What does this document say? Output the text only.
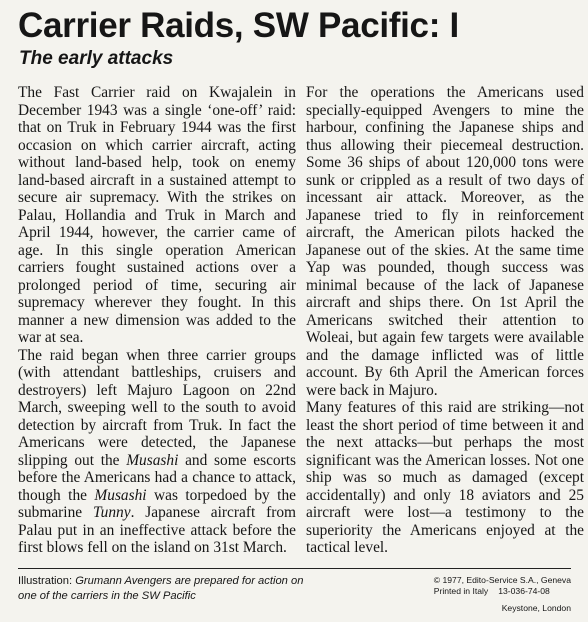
Carrier Raids, SW Pacific: I
The early attacks

The Fast Carrier raid on Kwajalein in December 1943 was a single ‘one-off’ raid: that on Truk in February 1944 was the first occasion on which carrier aircraft, acting without land-based help, took on enemy land-based aircraft in a sustained attempt to secure air supremacy. With the strikes on Palau, Hollandia and Truk in March and April 1944, however, the carrier came of age. In this single operation American carriers fought sustained actions over a prolonged period of time, securing air supremacy wherever they fought. In this manner a new dimension was added to the war at sea.

The raid began when three carrier groups (with attendant battleships, cruisers and destroyers) left Majuro Lagoon on 22nd March, sweeping well to the south to avoid detection by aircraft from Truk. In fact the Americans were detected, the Japanese slipping out the Musashi and some escorts before the Americans had a chance to attack, though the Musashi was torpedoed by the submarine Tunny. Japanese aircraft from Palau put in an ineffective attack before the first blows fell on the island on 31st March.

For the operations the Americans used specially-equipped Avengers to mine the harbour, confining the Japanese ships and thus allowing their piecemeal destruction. Some 36 ships of about 120,000 tons were sunk or crippled as a result of two days of incessant air attack. Moreover, as the Japanese tried to fly in reinforcement aircraft, the American pilots hacked the Japanese out of the skies. At the same time Yap was pounded, though success was minimal because of the lack of Japanese aircraft and ships there. On 1st April the Americans switched their attention to Woleai, but again few targets were available and the damage inflicted was of little account. By 6th April the American forces were back in Majuro.

Many features of this raid are striking—not least the short period of time between it and the next attacks—but perhaps the most significant was the American losses. Not one ship was so much as damaged (except accidentally) and only 18 aviators and 25 aircraft were lost—a testimony to the superiority the Americans enjoyed at the tactical level.

Illustration: Grumann Avengers are prepared for action on one of the carriers in the SW Pacific
© 1977, Edito-Service S.A., Geneva
Printed in Italy 13-036-74-08
Keystone, London
